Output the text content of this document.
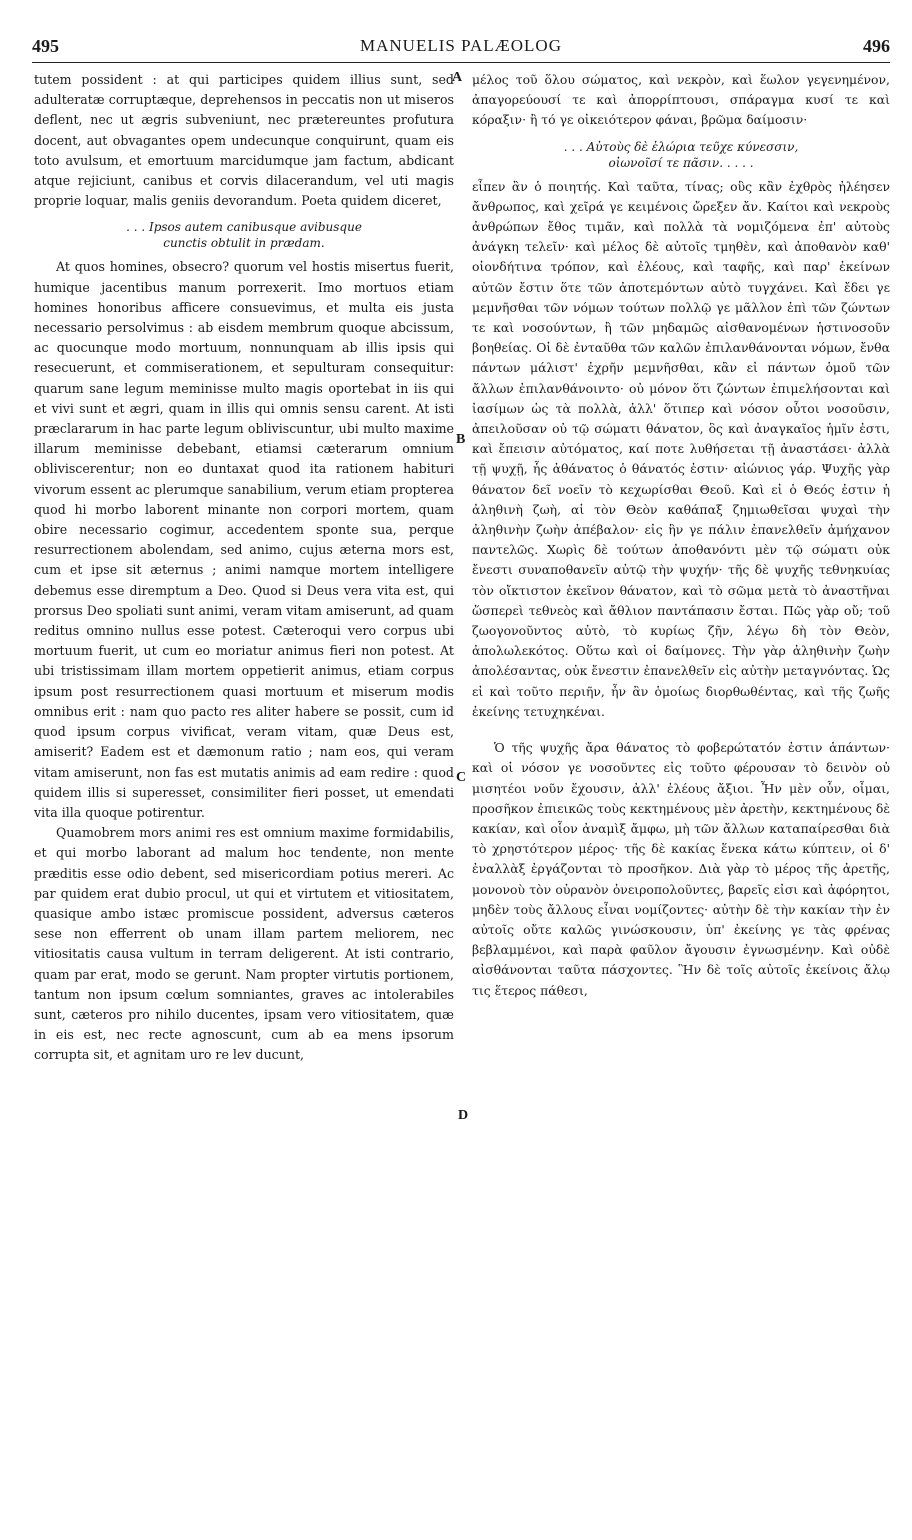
495	MANUELIS PALÆOLOG	496

tutem possident : at qui participes quidem illius sunt, sed adulteratæ corruptæque, deprehensos in peccatis non ut miseros deflent, nec ut ægris subveniunt, nec prætereuntes profutura docent, aut obvagantes opem undecunque conquirunt, quam eis toto avulsum, et emortuum marcidumque jam factum, abdicant atque rejiciunt, canibus et corvis dilacerandum, vel uti magis proprie loquar, malis geniis devorandum. Poeta quidem diceret,

. . . Ipsos autem canibusque avibusque
cunctis obtulit in prædam.

At quos homines, obsecro? quorum vel hostis misertus fuerit, humique jacentibus manum porrexerit. Imo mortuos etiam homines honoribus afficere consuevimus, et multa eis justa necessario persolvimus : ab eisdem membrum quoque abcissum, ac quocunque modo mortuum, nonnunquam ab illis ipsis qui resecuerunt, et commiserationem, et sepulturam consequitur: quarum sane legum meminisse multo magis oportebat in iis qui et vivi sunt et ægri, quam in illis qui omnis sensu carent. At isti præclararum in hac parte legum obliviscuntur, ubi multo maxime illarum meminisse debebant, etiamsi cæterarum omnium obliviscerentur; non eo duntaxat quod ita rationem habituri vivorum essent ac plerumque sanabilium, verum etiam propterea quod hi morbo laborent minante non corpori mortem, quam obire necessario cogimur, accedentem sponte sua, perque resurrectionem abolendam, sed animo, cujus æterna mors est, cum et ipse sit æternus ; animi namque mortem intelligere debemus esse diremptum a Deo. Quod si Deus vera vita est, qui prorsus Deo spoliati sunt animi, veram vitam amiserunt, ad quam reditus omnino nullus esse potest. Cæteroqui vero corpus ubi mortuum fuerit, ut cum eo moriatur animus fieri non potest. At ubi tristissimam illam mortem oppetierit animus, etiam corpus ipsum post resurrectionem quasi mortuum et miserum modis omnibus erit : nam quo pacto res aliter habere se possit, cum id quod ipsum corpus vivificat, veram vitam, quæ Deus est, amiserit? Eadem est et dæmonum ratio ; nam eos, qui veram vitam amiserunt, non fas est mutatis animis ad eam redire : quod quidem illis si superesset, consimiliter fieri posset, ut emendati vita illa quoque potirentur.

Quamobrem mors animi res est omnium maxime formidabilis, et qui morbo laborant ad malum hoc tendente, non mente præditis esse odio debent, sed misericordiam potius mereri. Ac par quidem erat dubio procul, ut qui et virtutem et vitiositatem, quasique ambo istæc promiscue possident, adversus cæteros sese non efferrent ob unam illam partem meliorem, nec vitiositatis causa vultum in terram deligerent. At isti contrario, quam par erat, modo se gerunt. Nam propter virtutis portionem, tantum non ipsum cœlum somniantes, graves ac intolerabiles sunt, cæteros pro nihilo ducentes, ipsam vero vitiositatem, quæ in eis est, nec recte agnoscunt, cum ab ea mens ipsorum corrupta sit, et agnitam uro re lev ducunt,

A
B
C
D

μέλος τοῦ ὅλου σώματος, καὶ νεκρὸν, καὶ ἕωλον γεγενημένον, ἀπαγορεύουσί τε καὶ ἀπορρίπτουσι, σπάραγμα κυσί τε καὶ κόραξιν· ἢ τό γε οἰκειότερον φάναι, βρῶμα δαίμοσιν·

. . . Αὐτοὺς δὲ ἑλώρια τεῦχε κύνεσσιν,
οἰωνοῖσί τε πᾶσιν. . . . .

εἶπεν ἂν ὁ ποιητής. Καὶ ταῦτα, τίνας; οὓς κἂν ἐχθρὸς ἠλέησεν ἄνθρωπος, καὶ χεῖρά γε κειμένοις ὤρεξεν ἄν. Καίτοι καὶ νεκροὺς ἀνθρώπων ἔθος τιμᾶν, καὶ πολλὰ τὰ νομιζόμενα ἐπ' αὐτοὺς ἀνάγκη τελεῖν· καὶ μέλος δὲ αὐτοῖς τμηθὲν, καὶ ἀποθανὸν καθ' οἱονδήτινα τρόπον, καὶ ἐλέους, καὶ ταφῆς, καὶ παρ' ἐκείνων αὐτῶν ἔστιν ὅτε τῶν ἀποτεμόντων αὐτὸ τυγχάνει. Καὶ ἔδει γε μεμνῆσθαι τῶν νόμων τούτων πολλῷ γε μᾶλλον ἐπὶ τῶν ζώντων τε καὶ νοσούντων, ἢ τῶν μηδαμῶς αἰσθανομένων ἡστινοσοῦν βοηθείας. Οἱ δὲ ἐνταῦθα τῶν καλῶν ἐπιλανθάνονται νόμων, ἔνθα πάντων μάλιστ' ἐχρῆν μεμνῆσθαι, κἂν εἰ πάντων ὁμοῦ τῶν ἄλλων ἐπιλανθάνοιντο· οὐ μόνον ὅτι ζώντων ἐπιμελήσονται καὶ ἰασίμων ὡς τὰ πολλὰ, ἀλλ' ὅτιπερ καὶ νόσον οὗτοι νοσοῦσιν, ἀπειλοῦσαν οὐ τῷ σώματι θάνατον, ὃς καὶ ἀναγκαῖος ἡμῖν ἐστι, καὶ ἔπεισιν αὐτόματος, καί ποτε λυθήσεται τῇ ἀναστάσει· ἀλλὰ τῇ ψυχῇ, ἧς ἀθάνατος ὁ θάνατός ἐστιν· αἰώνιος γάρ. Ψυχῆς γὰρ θάνατον δεῖ νοεῖν τὸ κεχωρίσθαι Θεοῦ. Καὶ εἰ ὁ Θεός ἐστιν ἡ ἀληθινὴ ζωὴ, αἱ τὸν Θεὸν καθάπαξ ζημιωθεῖσαι ψυχαὶ τὴν ἀληθινὴν ζωὴν ἀπέβαλον· εἰς ἣν γε πάλιν ἐπανελθεῖν ἀμήχανον παντελῶς. Χωρὶς δὲ τούτων ἀποθανόντι μὲν τῷ σώματι οὐκ ἔνεστι συναποθανεῖν αὐτῷ τὴν ψυχήν· τῆς δὲ ψυχῆς τεθνηκυίας τὸν οἴκτιστον ἐκεῖνον θάνατον, καὶ τὸ σῶμα μετὰ τὸ ἀναστῆναι ὥσπερεὶ τεθνεὸς καὶ ἄθλιον παντάπασιν ἔσται. Πῶς γὰρ οὔ; τοῦ ζωογονοῦντος αὐτὸ, τὸ κυρίως ζῆν, λέγω δὴ τὸν Θεὸν, ἀπολωλεκότος. Οὕτω καὶ οἱ δαίμονες. Τὴν γὰρ ἀληθινὴν ζωὴν ἀπολέσαντας, οὐκ ἔνεστιν ἐπανελθεῖν εἰς αὐτὴν μεταγνόντας. Ὡς εἰ καὶ τοῦτο περιῆν, ἦν ἂν ὁμοίως διορθωθέντας, καὶ τῆς ζωῆς ἐκείνης τετυχηκέναι.

Ὁ τῆς ψυχῆς ἄρα θάνατος τὸ φοβερώτατόν ἐστιν ἁπάντων· καὶ οἱ νόσον γε νοσοῦντες εἰς τοῦτο φέρουσαν τὸ δεινὸν οὐ μισητέοι νοῦν ἔχουσιν, ἀλλ' ἐλέους ἄξιοι. Ἦν μὲν οὖν, οἶμαι, προσῆκον ἐπιεικῶς τοὺς κεκτημένους μὲν ἀρετὴν, κεκτημένους δὲ κακίαν, καὶ οἷον ἀναμὶξ ἄμφω, μὴ τῶν ἄλλων καταπαίρεσθαι διὰ τὸ χρηστότερον μέρος· τῆς δὲ κακίας ἕνεκα κάτω κύπτειν, οἱ δ' ἐναλλὰξ ἐργάζονται τὸ προσῆκον. Διὰ γὰρ τὸ μέρος τῆς ἀρετῆς, μονονοὺ τὸν οὐρανὸν ὀνειροπολοῦντες, βαρεῖς εἰσι καὶ ἀφόρητοι, μηδὲν τοὺς ἄλλους εἶναι νομίζοντες· αὐτὴν δὲ τὴν κακίαν τὴν ἐν αὐτοῖς οὔτε καλῶς γινώσκουσιν, ὑπ' ἐκείνης γε τὰς φρένας βεβλαμμένοι, καὶ παρὰ φαῦλον ἄγουσιν ἐγνωσμένην. Καὶ οὐδὲ αἰσθάνονται ταῦτα πάσχοντες. Ἣν δὲ τοῖς αὐτοῖς ἐκείνοις ἄλῳ τις ἕτερος πάθεσι,
